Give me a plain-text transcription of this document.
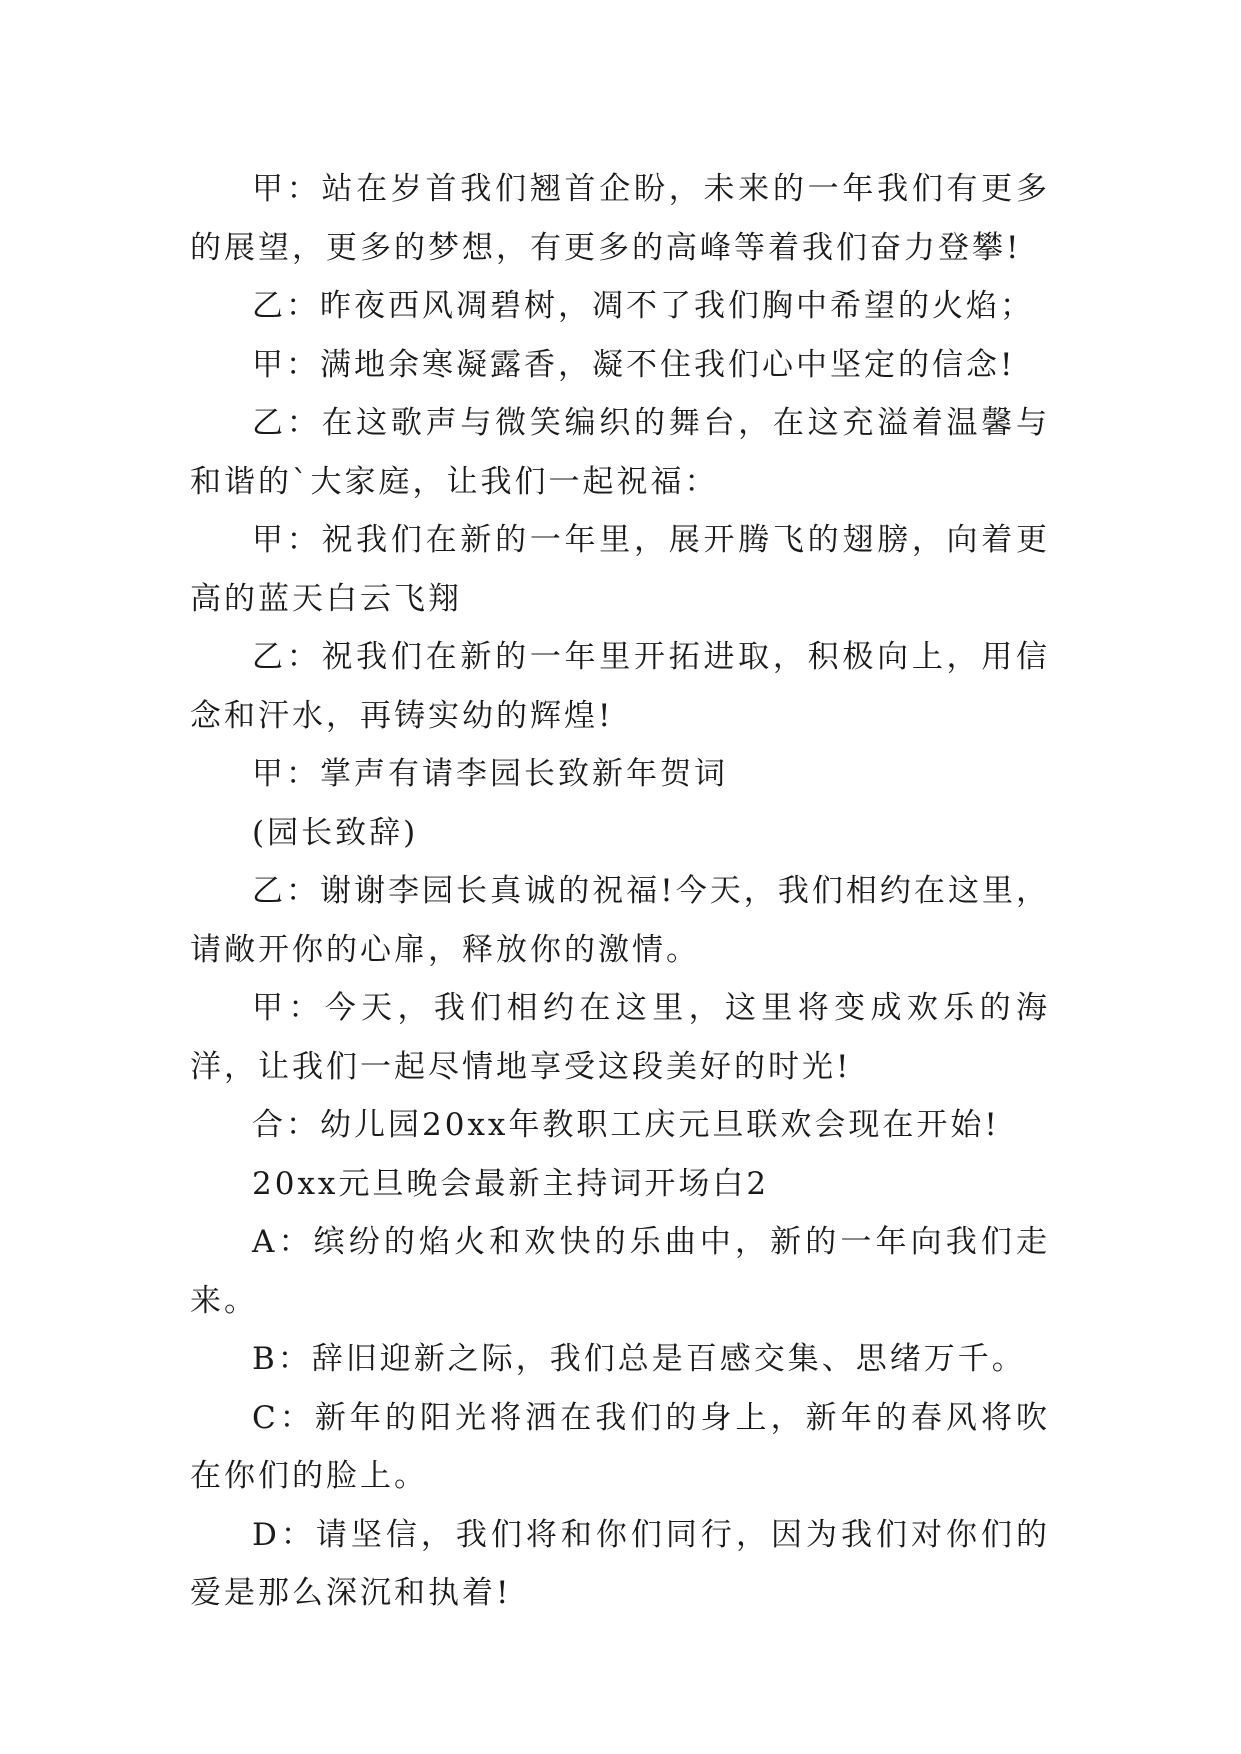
甲：站在岁首我们翘首企盼，未来的一年我们有更多的展望，更多的梦想，有更多的高峰等着我们奋力登攀!

乙：昨夜西风凋碧树，凋不了我们胸中希望的火焰；

甲：满地余寒凝露香，凝不住我们心中坚定的信念!

乙：在这歌声与微笑编织的舞台，在这充溢着温馨与和谐的`大家庭，让我们一起祝福：

甲：祝我们在新的一年里，展开腾飞的翅膀，向着更高的蓝天白云飞翔

乙：祝我们在新的一年里开拓进取，积极向上，用信念和汗水，再铸实幼的辉煌!

甲：掌声有请李园长致新年贺词

(园长致辞)

乙：谢谢李园长真诚的祝福!今天，我们相约在这里，请敞开你的心扉，释放你的激情。

甲：今天，我们相约在这里，这里将变成欢乐的海洋，让我们一起尽情地享受这段美好的时光!

合：幼儿园20xx年教职工庆元旦联欢会现在开始!

20xx元旦晚会最新主持词开场白2

A：缤纷的焰火和欢快的乐曲中，新的一年向我们走来。

B：辞旧迎新之际，我们总是百感交集、思绪万千。

C：新年的阳光将洒在我们的身上，新年的春风将吹在你们的脸上。

D：请坚信，我们将和你们同行，因为我们对你们的爱是那么深沉和执着!
